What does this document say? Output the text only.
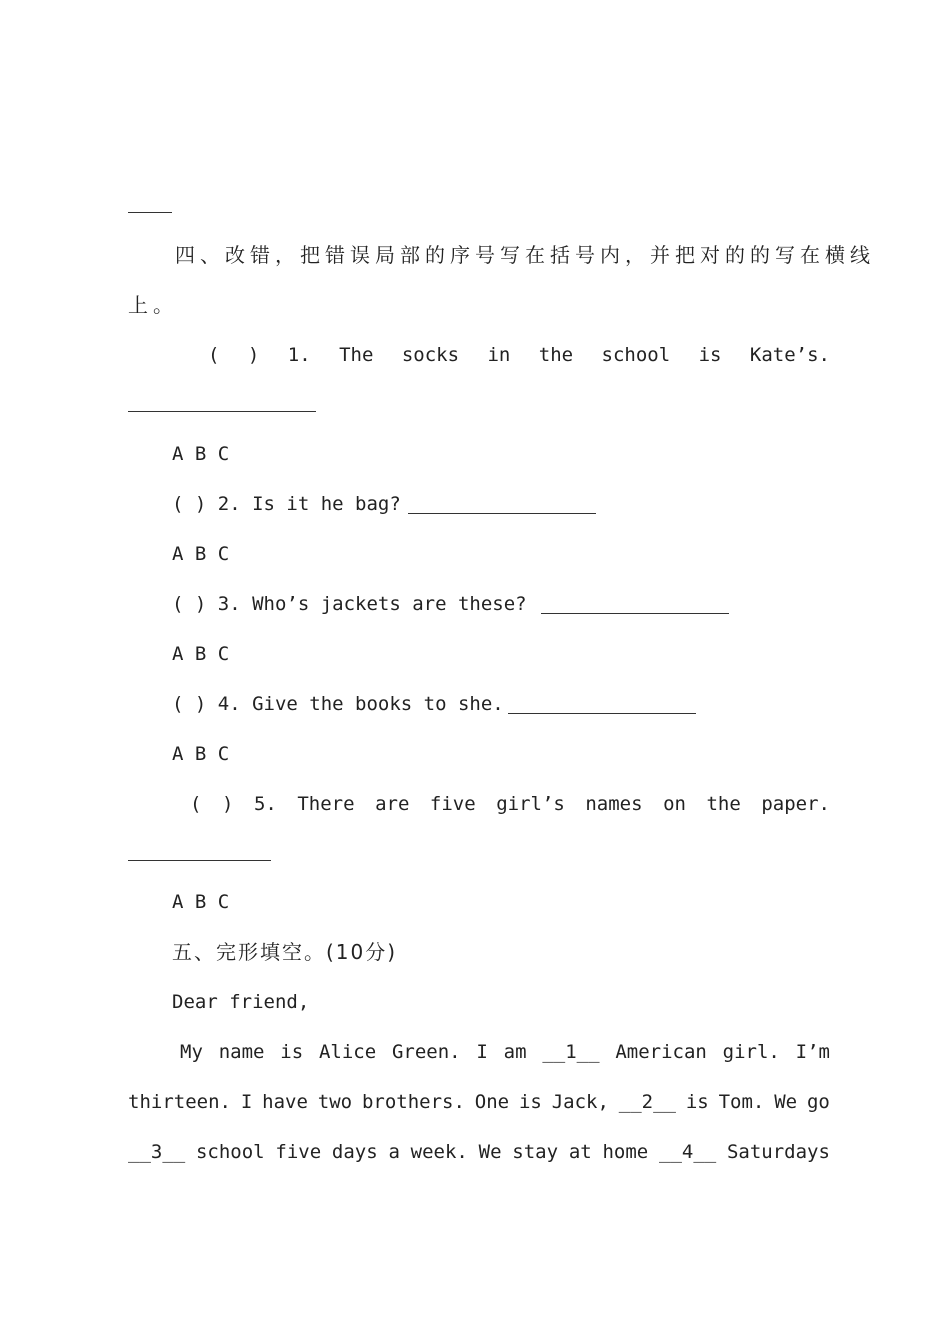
四、改错，把错误局部的序号写在括号内，并把对的的写在横线
上。
( ) 1. The socks in the school is Kate’s.
A B C
( ) 2. Is it he bag?
A B C
( ) 3. Who’s jackets are these?
A B C
( ) 4. Give the books to she.
A B C
( ) 5. There are five girl’s names on the paper.
A B C
五、完形填空。(10分)
Dear friend,
My name is Alice Green. I am __1__ American girl. I’m
thirteen. I have two brothers. One is Jack, __2__ is Tom. We go
__3__ school five days a week. We stay at home __4__ Saturdays
